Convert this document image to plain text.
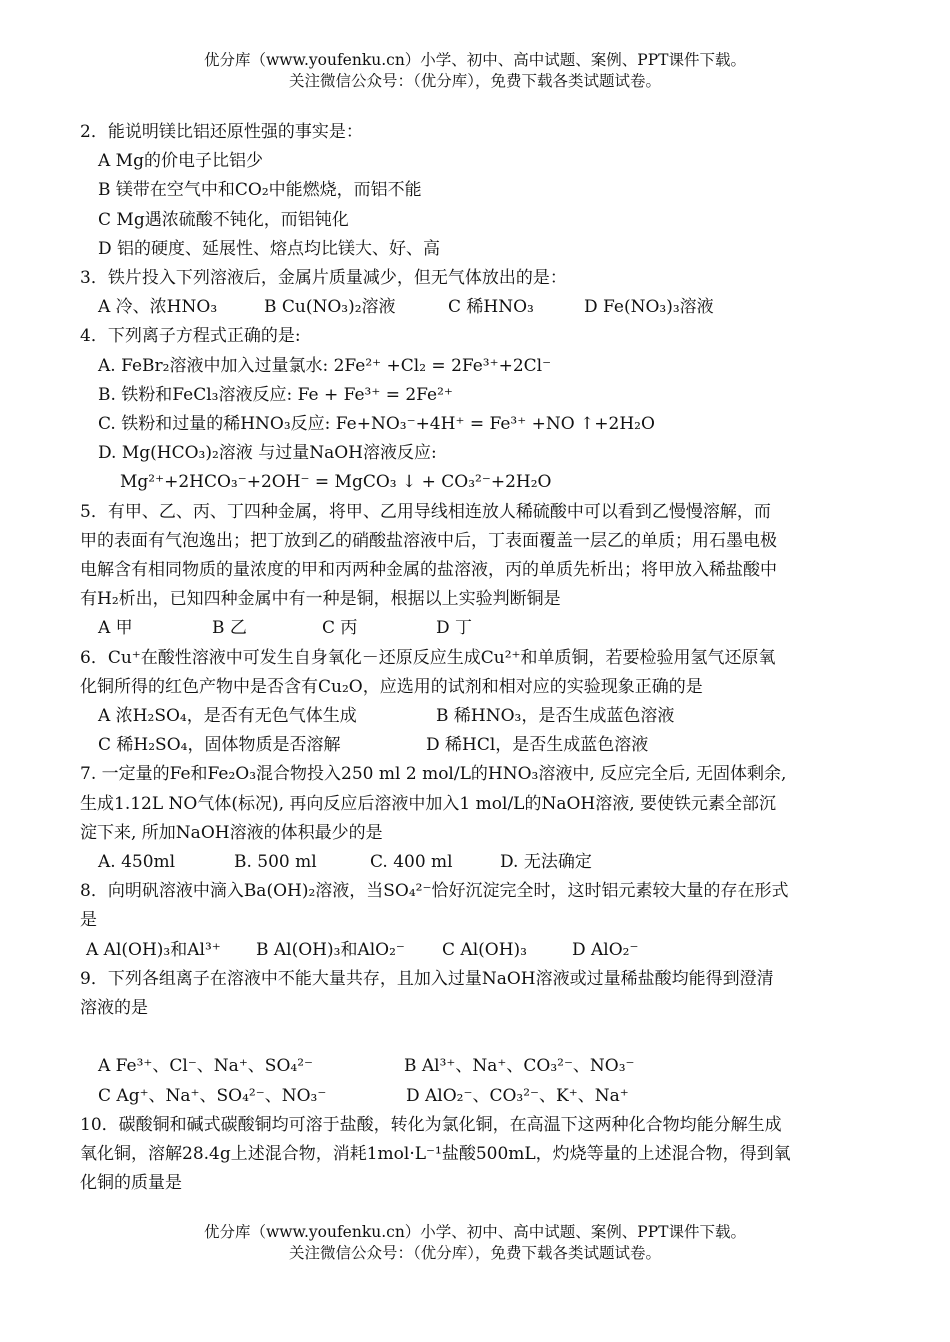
优分库（www.youfenku.cn）小学、初中、高中试题、案例、PPT课件下载。
关注微信公众号：（优分库），免费下载各类试题试卷。
2．能说明镁比铝还原性强的事实是：
A Mg的价电子比铝少
B 镁带在空气中和CO₂中能燃烧，而铝不能
C Mg遇浓硫酸不钝化，而铝钝化
D 铝的硬度、延展性、熔点均比镁大、好、高
3．铁片投入下列溶液后，金属片质量减少，但无气体放出的是：
A 冷、浓HNO₃	B Cu(NO₃)₂溶液	C 稀HNO₃	D Fe(NO₃)₃溶液
4．下列离子方程式正确的是:
A. FeBr₂溶液中加入过量氯水: 2Fe²⁺ +Cl₂ = 2Fe³⁺+2Cl⁻
B. 铁粉和FeCl₃溶液反应: Fe + Fe³⁺ = 2Fe²⁺
C. 铁粉和过量的稀HNO₃反应: Fe+NO₃⁻+4H⁺ = Fe³⁺ +NO ↑+2H₂O
D. Mg(HCO₃)₂溶液 与过量NaOH溶液反应:
Mg²⁺+2HCO₃⁻+2OH⁻ = MgCO₃ ↓ + CO₃²⁻+2H₂O
5．有甲、乙、丙、丁四种金属，将甲、乙用导线相连放人稀硫酸中可以看到乙慢慢溶解，而
甲的表面有气泡逸出；把丁放到乙的硝酸盐溶液中后，丁表面覆盖一层乙的单质；用石墨电极
电解含有相同物质的量浓度的甲和丙两种金属的盐溶液，丙的单质先析出；将甲放入稀盐酸中
有H₂析出，已知四种金属中有一种是铜，根据以上实验判断铜是
A 甲	B 乙	C 丙	D 丁
6．Cu⁺在酸性溶液中可发生自身氧化－还原反应生成Cu²⁺和单质铜，若要检验用氢气还原氧
化铜所得的红色产物中是否含有Cu₂O，应选用的试剂和相对应的实验现象正确的是
A 浓H₂SO₄，是否有无色气体生成	B 稀HNO₃，是否生成蓝色溶液
C 稀H₂SO₄，固体物质是否溶解	D 稀HCl，是否生成蓝色溶液
7. 一定量的Fe和Fe₂O₃混合物投入250 ml 2 mol/L的HNO₃溶液中, 反应完全后, 无固体剩余,
生成1.12L NO气体(标况), 再向反应后溶液中加入1 mol/L的NaOH溶液, 要使铁元素全部沉
淀下来, 所加NaOH溶液的体积最少的是
A. 450ml	B. 500 ml	C. 400 ml	D. 无法确定
8．向明矾溶液中滴入Ba(OH)₂溶液，当SO₄²⁻恰好沉淀完全时，这时铝元素较大量的存在形式
是
A Al(OH)₃和Al³⁺ B Al(OH)₃和AlO₂⁻ C Al(OH)₃	D AlO₂⁻
9．下列各组离子在溶液中不能大量共存，且加入过量NaOH溶液或过量稀盐酸均能得到澄清
溶液的是
A Fe³⁺、Cl⁻、Na⁺、SO₄²⁻	B Al³⁺、Na⁺、CO₃²⁻、NO₃⁻
C Ag⁺、Na⁺、SO₄²⁻、NO₃⁻	D AlO₂⁻、CO₃²⁻、K⁺、Na⁺
10．碳酸铜和碱式碳酸铜均可溶于盐酸，转化为氯化铜，在高温下这两种化合物均能分解生成
氧化铜，溶解28.4g上述混合物，消耗1mol·L⁻¹盐酸500mL，灼烧等量的上述混合物，得到氧
化铜的质量是
优分库（www.youfenku.cn）小学、初中、高中试题、案例、PPT课件下载。
关注微信公众号：（优分库），免费下载各类试题试卷。
